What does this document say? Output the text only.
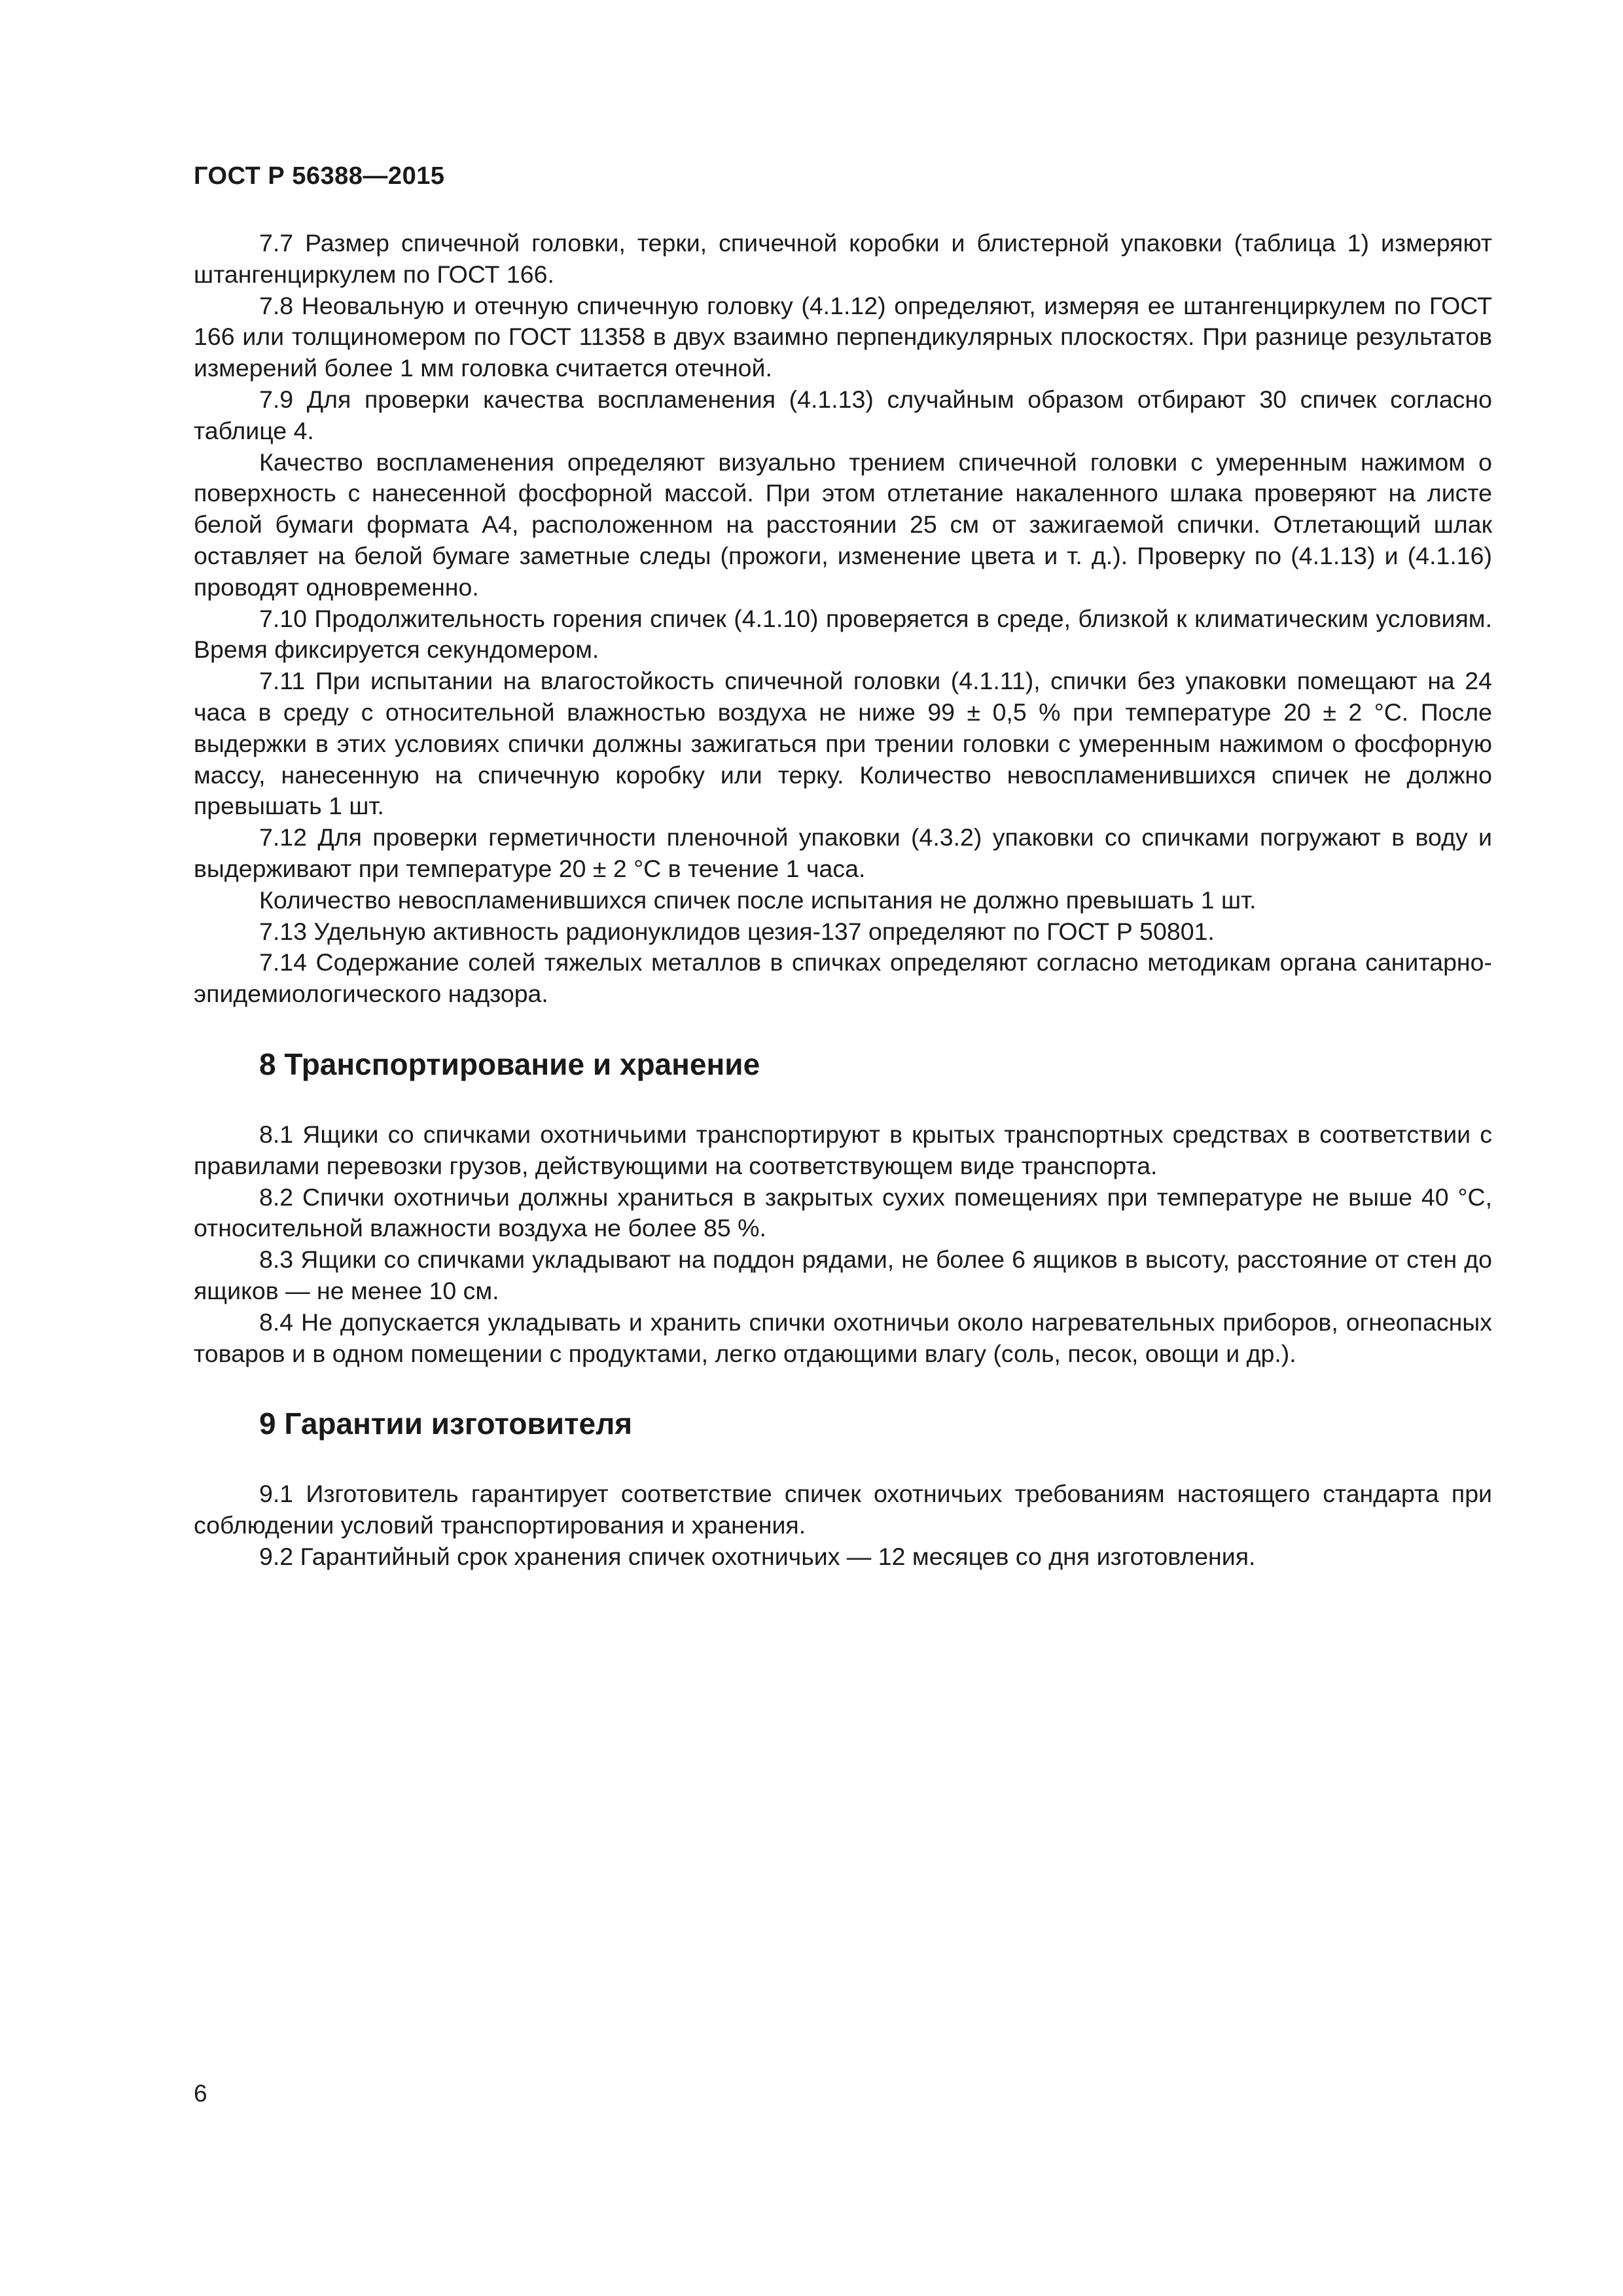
ГОСТ Р 56388—2015

7.7 Размер спичечной головки, терки, спичечной коробки и блистерной упаковки (таблица 1) измеряют штангенциркулем по ГОСТ 166.

7.8 Неовальную и отечную спичечную головку (4.1.12) определяют, измеряя ее штангенциркулем по ГОСТ 166 или толщиномером по ГОСТ 11358 в двух взаимно перпендикулярных плоскостях. При разнице результатов измерений более 1 мм головка считается отечной.

7.9 Для проверки качества воспламенения (4.1.13) случайным образом отбирают 30 спичек согласно таблице 4.

Качество воспламенения определяют визуально трением спичечной головки с умеренным нажимом о поверхность с нанесенной фосфорной массой. При этом отлетание накаленного шлака проверяют на листе белой бумаги формата А4, расположенном на расстоянии 25 см от зажигаемой спички. Отлетающий шлак оставляет на белой бумаге заметные следы (прожоги, изменение цвета и т. д.). Проверку по (4.1.13) и (4.1.16) проводят одновременно.

7.10 Продолжительность горения спичек (4.1.10) проверяется в среде, близкой к климатическим условиям. Время фиксируется секундомером.

7.11 При испытании на влагостойкость спичечной головки (4.1.11), спички без упаковки помещают на 24 часа в среду с относительной влажностью воздуха не ниже 99 ± 0,5 % при температуре 20 ± 2 °С. После выдержки в этих условиях спички должны зажигаться при трении головки с умеренным нажимом о фосфорную массу, нанесенную на спичечную коробку или терку. Количество невоспламенившихся спичек не должно превышать 1 шт.

7.12 Для проверки герметичности пленочной упаковки (4.3.2) упаковки со спичками погружают в воду и выдерживают при температуре 20 ± 2 °С в течение 1 часа.

Количество невоспламенившихся спичек после испытания не должно превышать 1 шт.

7.13 Удельную активность радионуклидов цезия-137 определяют по ГОСТ Р 50801.

7.14 Содержание солей тяжелых металлов в спичках определяют согласно методикам органа санитарно-эпидемиологического надзора.

8 Транспортирование и хранение

8.1 Ящики со спичками охотничьими транспортируют в крытых транспортных средствах в соответствии с правилами перевозки грузов, действующими на соответствующем виде транспорта.

8.2 Спички охотничьи должны храниться в закрытых сухих помещениях при температуре не выше 40 °С, относительной влажности воздуха не более 85 %.

8.3 Ящики со спичками укладывают на поддон рядами, не более 6 ящиков в высоту, расстояние от стен до ящиков — не менее 10 см.

8.4 Не допускается укладывать и хранить спички охотничьи около нагревательных приборов, огнеопасных товаров и в одном помещении с продуктами, легко отдающими влагу (соль, песок, овощи и др.).

9 Гарантии изготовителя

9.1 Изготовитель гарантирует соответствие спичек охотничьих требованиям настоящего стандарта при соблюдении условий транспортирования и хранения.

9.2 Гарантийный срок хранения спичек охотничьих — 12 месяцев со дня изготовления.

6
